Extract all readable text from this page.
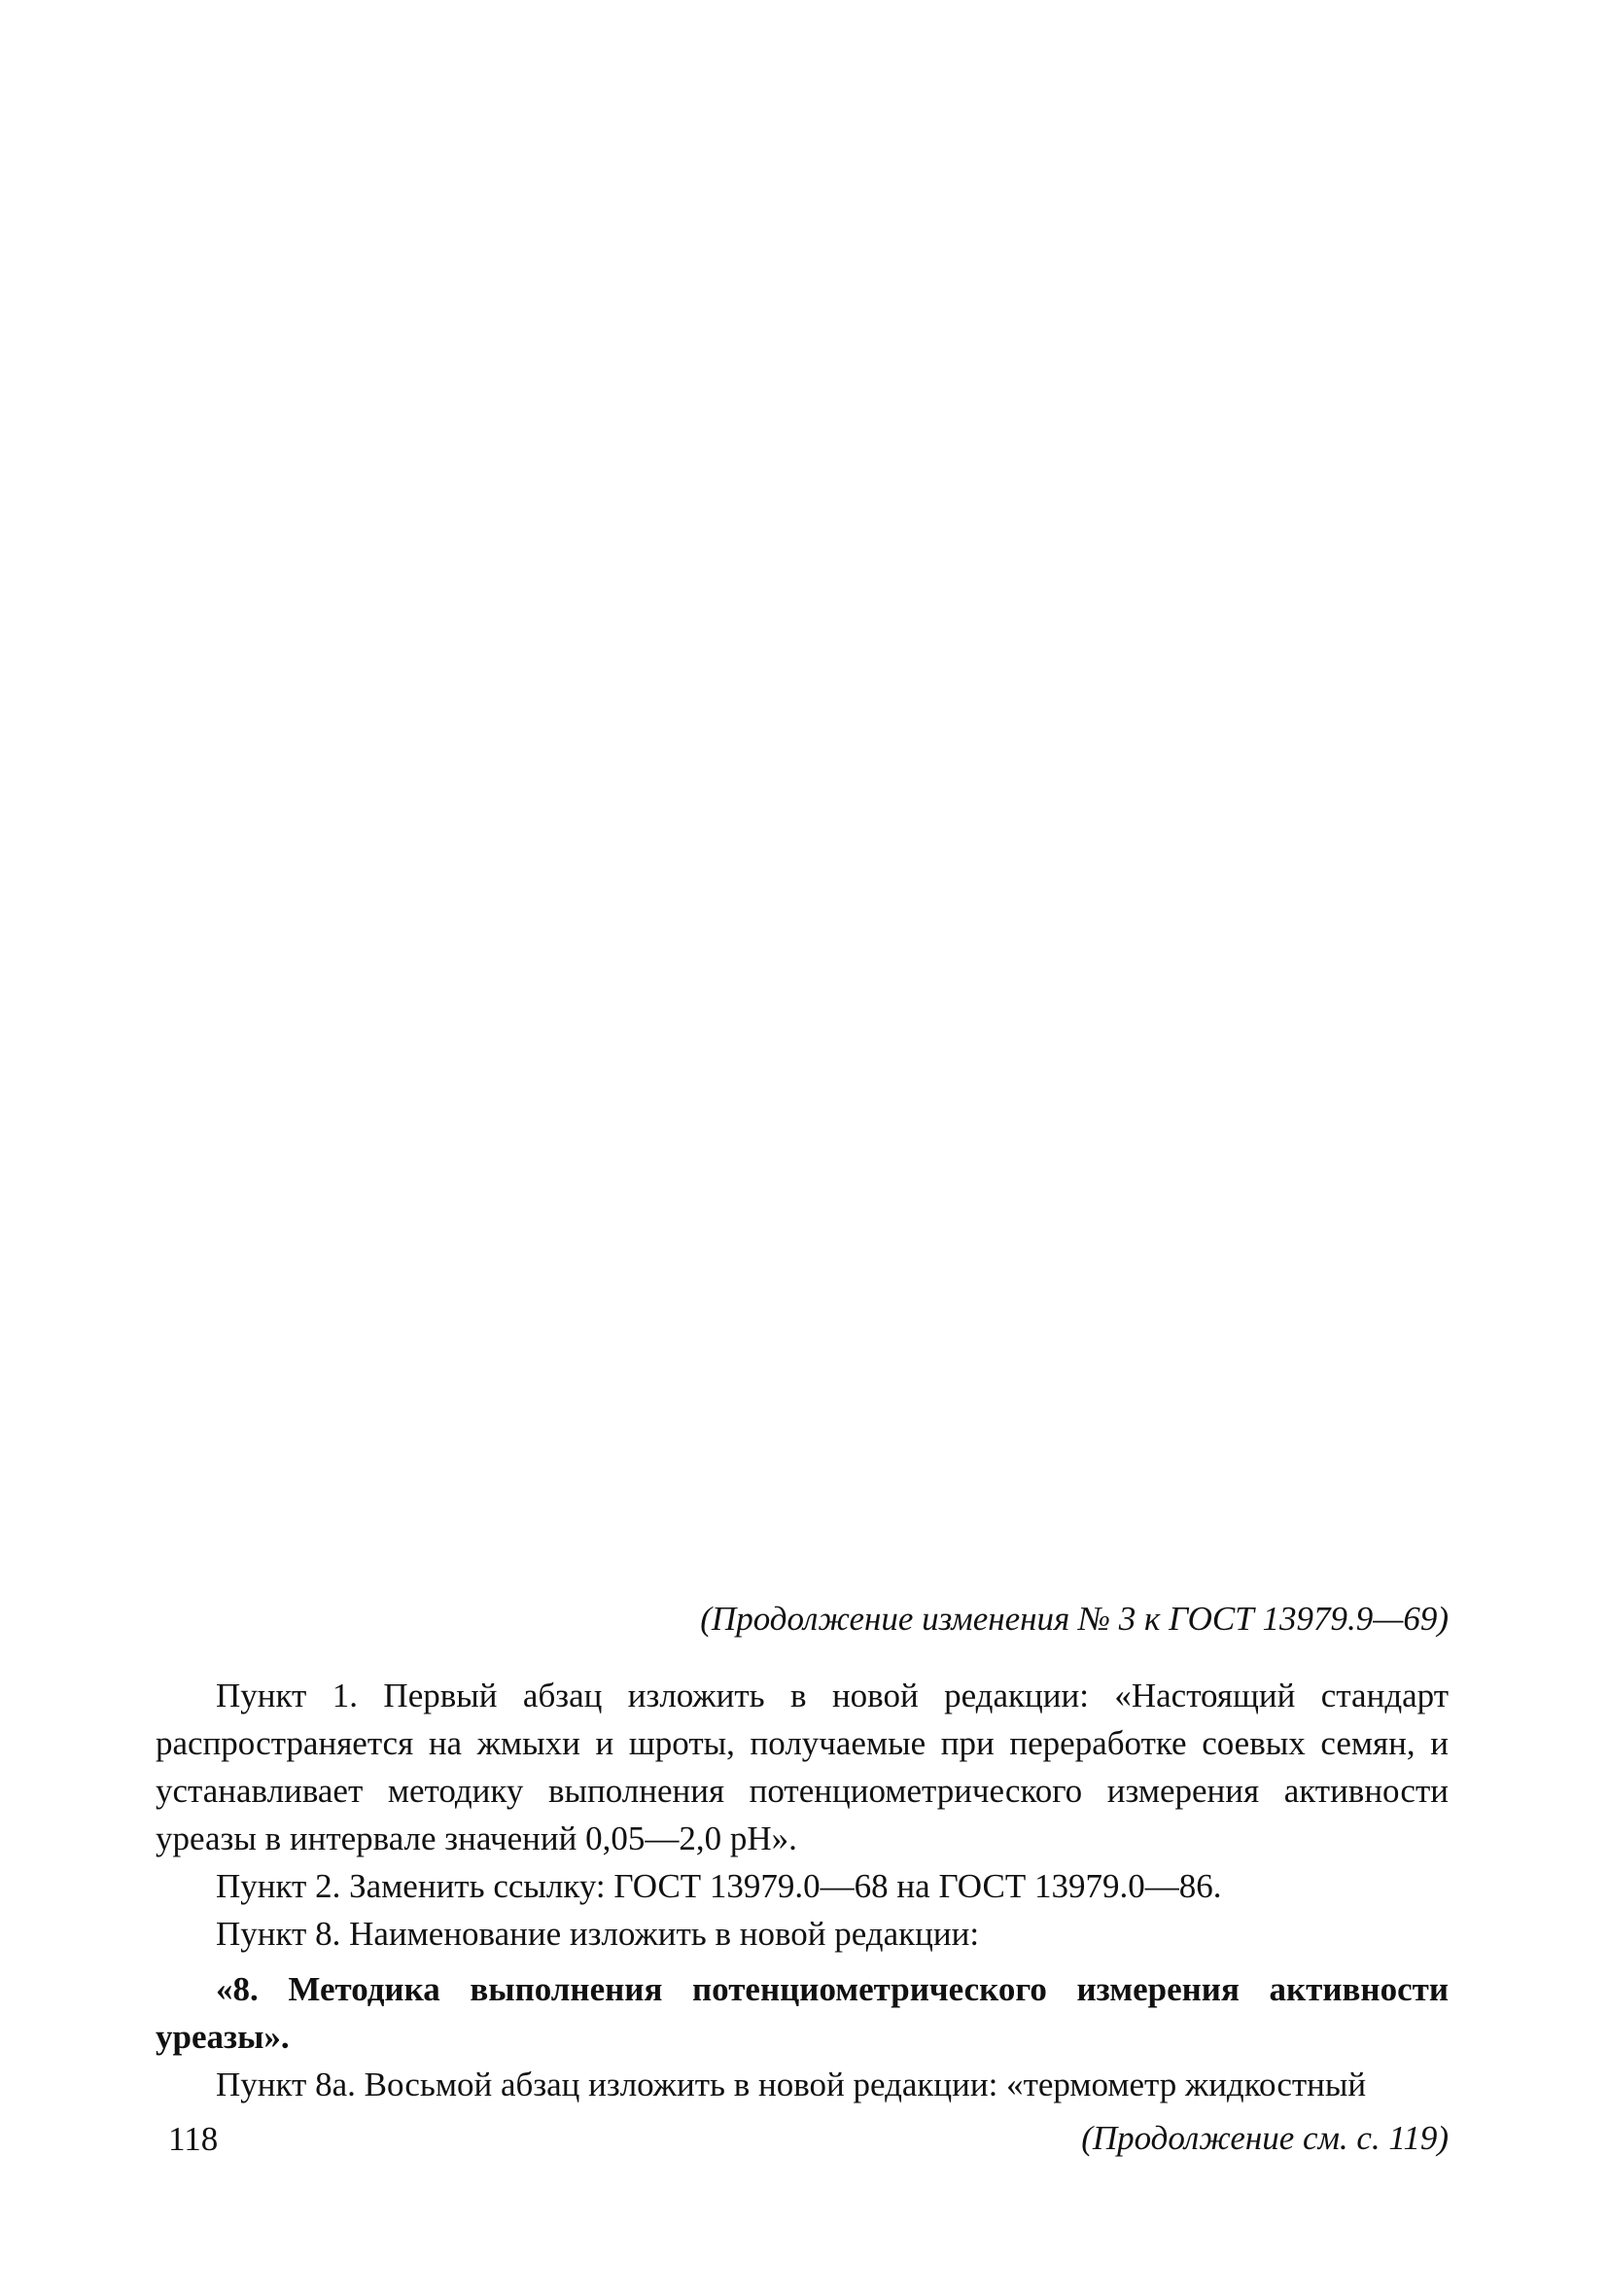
(Продолжение изменения № 3 к ГОСТ 13979.9—69)

Пункт 1. Первый абзац изложить в новой редакции: «Настоящий стандарт распространяется на жмыхи и шроты, получаемые при переработке соевых семян, и устанавливает методику выполнения потенциометрического измерения активности уреазы в интервале значений 0,05—2,0 рН».

Пункт 2. Заменить ссылку: ГОСТ 13979.0—68 на ГОСТ 13979.0—86.

Пункт 8. Наименование изложить в новой редакции:

«8. Методика выполнения потенциометрического измерения активности уреазы».

Пункт 8а. Восьмой абзац изложить в новой редакции: «термометр жидкостный

(Продолжение см. с. 119)
118
